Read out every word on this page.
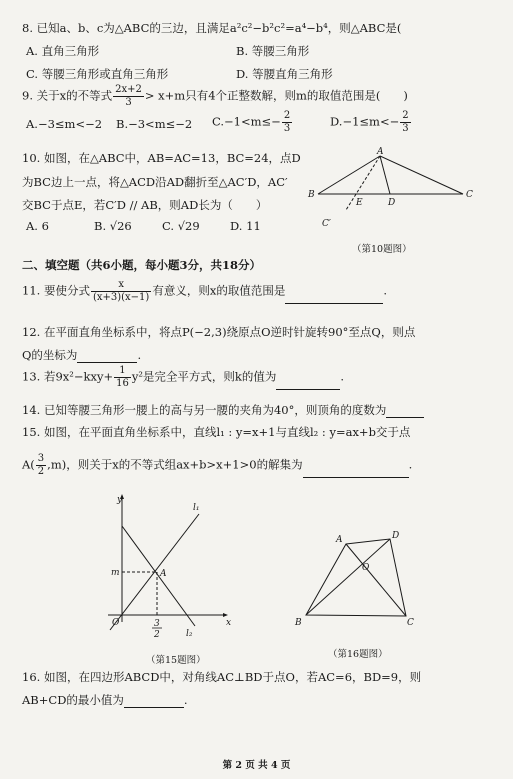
8. 已知a、b、c为△ABC的三边，且满足a²c²−b²c²=a⁴−b⁴，则△ABC是(
A. 直角三角形	B. 等腰三角形
C. 等腰三角形或直角三角形	D. 等腰直角三角形
9. 关于x的不等式 $\frac{2x+2}{3} > x+m$只有4个正整数解，则m的取值范围是(　　)
A.−3≤m<−2 B.−3<m≤−2 $C.-1<m\le- \frac{2}{3}$	$D.-1\le m<- \frac{2}{3}$
10. 如图，在△ABC中，AB=AC=13，BC=24，点D
为BC边上一点，将△ACD沿AD翻折至△AC′D，AC′
交BC于点E，若C′D // AB，则AD长为（　　）
A. 6	B. √26	C. √29	D. 11
A
B
E	D
C
C′
（第10题图）
二、填空题（共6小题，每小题3分，共18分）
11. 要使分式 $\frac{x}{(x+3)(x-1)}$ 有意义，则x的取值范围是	.
12. 在平面直角坐标系中，将点P(−2,3)绕原点O逆时针旋转90°至点Q，则点
Q的坐标为	.
13. 若$9x^2-kxy+ \frac{1}{16} y^2$是完全平方式，则k的值为	.
14. 已知等腰三角形一腰上的高与另一腰的夹角为40°，则顶角的度数为
15. 如图，在平面直角坐标系中，直线l₁ : y=x+1与直线l₂ : y=ax+b交于点
$A( \frac{3}{2} ,m)$，则关于x的不等式组ax+b>x+1>0的解集为	.
y
x
O
m	A
l₁
l₂
3
2
（第15题图）
A	D
O
B	C
（第16题图）
16. 如图，在四边形ABCD中，对角线AC⊥BD于点O，若AC=6，BD=9，则
AB+CD的最小值为	.
第 2 页 共 4 页
